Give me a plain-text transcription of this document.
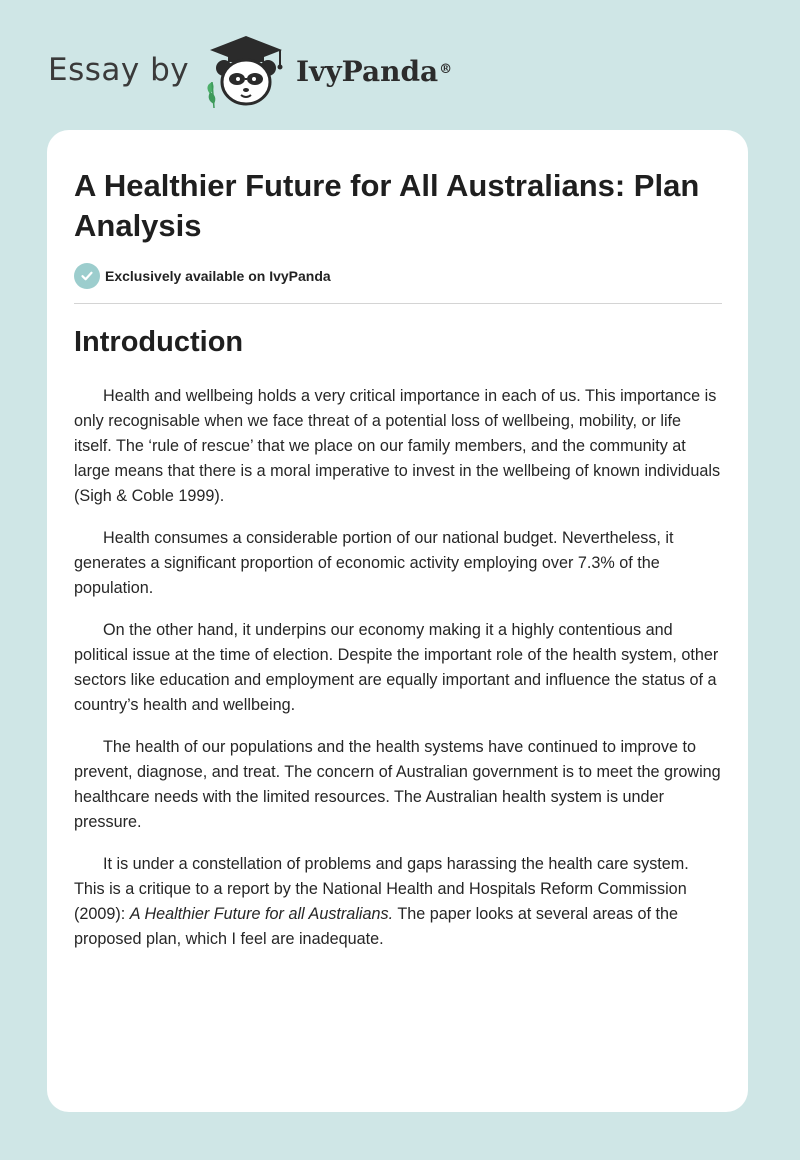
Essay by	IvyPanda®
A Healthier Future for All Australians: Plan Analysis
Exclusively available on IvyPanda
Introduction

Health and wellbeing holds a very critical importance in each of us. This importance is only recognisable when we face threat of a potential loss of wellbeing, mobility, or life itself. The ‘rule of rescue’ that we place on our family members, and the community at large means that there is a moral imperative to invest in the wellbeing of known individuals (Sigh & Coble 1999).

Health consumes a considerable portion of our national budget. Nevertheless, it generates a significant proportion of economic activity employing over 7.3% of the population.

On the other hand, it underpins our economy making it a highly contentious and political issue at the time of election. Despite the important role of the health system, other sectors like education and employment are equally important and influence the status of a country’s health and wellbeing.

The health of our populations and the health systems have continued to improve to prevent, diagnose, and treat. The concern of Australian government is to meet the growing healthcare needs with the limited resources. The Australian health system is under pressure.

It is under a constellation of problems and gaps harassing the health care system. This is a critique to a report by the National Health and Hospitals Reform Commission (2009): A Healthier Future for all Australians. The paper looks at several areas of the proposed plan, which I feel are inadequate.
